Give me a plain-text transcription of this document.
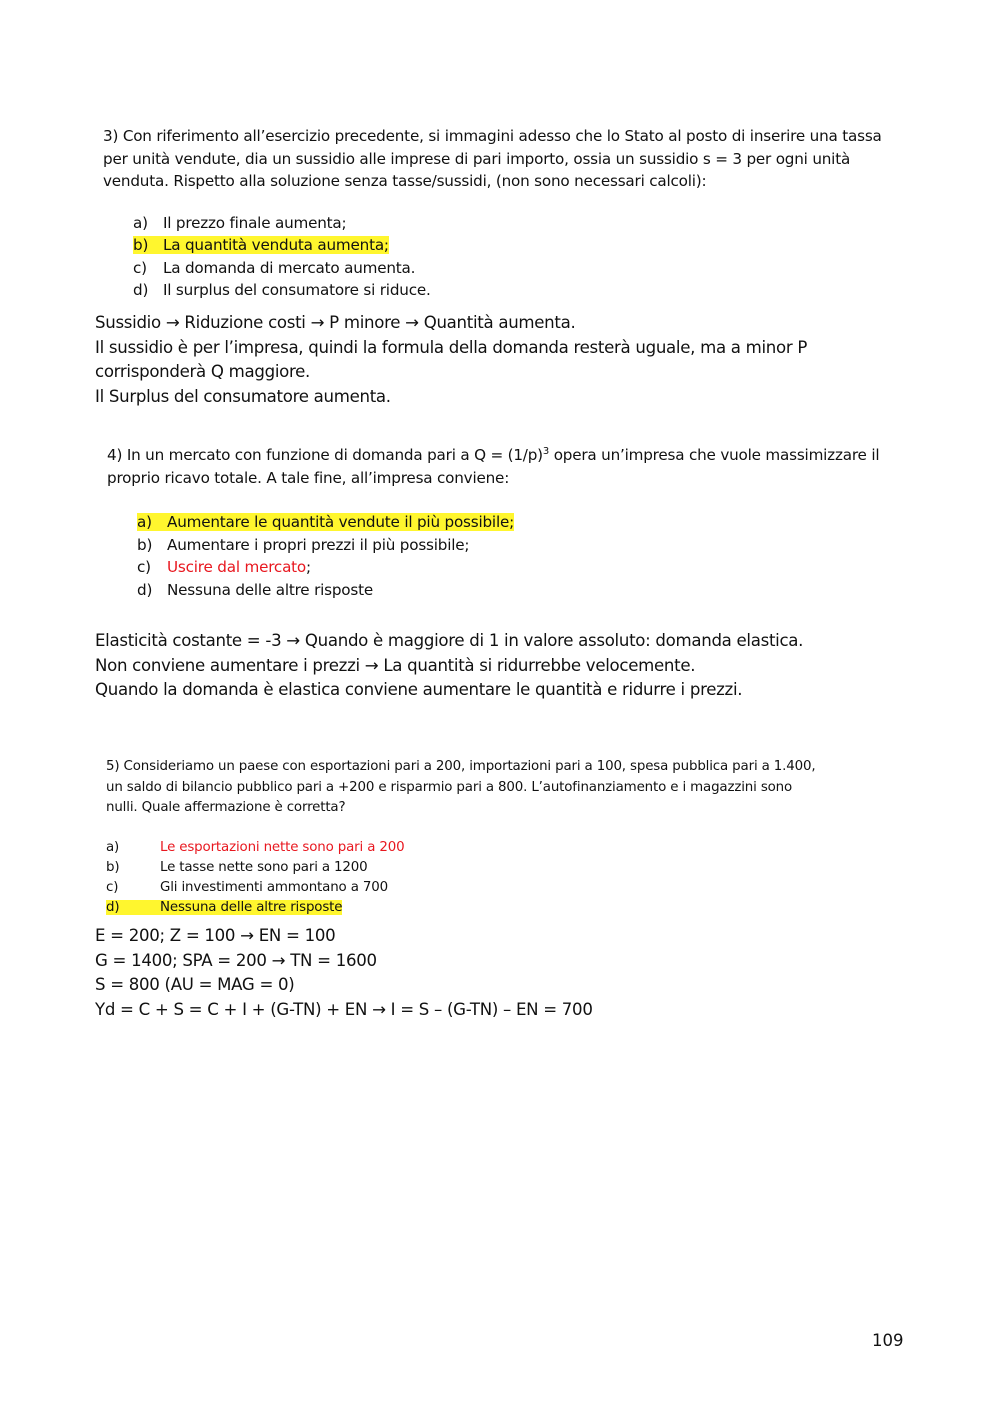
3) Con riferimento all’esercizio precedente, si immagini adesso che lo Stato al posto di inserire una tassa
per unità vendute, dia un sussidio alle imprese di pari importo, ossia un sussidio s = 3 per ogni unità
venduta. Rispetto alla soluzione senza tasse/sussidi, (non sono necessari calcoli):

a) Il prezzo finale aumenta;
b) La quantità venduta aumenta;
c) La domanda di mercato aumenta.
d) Il surplus del consumatore si riduce.

Sussidio → Riduzione costi → P minore → Quantità aumenta.

Il sussidio è per l’impresa, quindi la formula della domanda resterà uguale, ma a minor P

corrisponderà Q maggiore.

Il Surplus del consumatore aumenta.

4) In un mercato con funzione di domanda pari a $Q = (1/p)^3$ opera un’impresa che vuole massimizzare il
proprio ricavo totale. A tale fine, all’impresa conviene:

a) Aumentare le quantità vendute il più possibile;
b) Aumentare i propri prezzi il più possibile;
c) Uscire dal mercato;
d) Nessuna delle altre risposte

Elasticità costante = -3 → Quando è maggiore di 1 in valore assoluto: domanda elastica.

Non conviene aumentare i prezzi → La quantità si ridurrebbe velocemente.

Quando la domanda è elastica conviene aumentare le quantità e ridurre i prezzi.

5) Consideriamo un paese con esportazioni pari a 200, importazioni pari a 100, spesa pubblica pari a 1.400,
un saldo di bilancio pubblico pari a +200 e risparmio pari a 800. L’autofinanziamento e i magazzini sono
nulli. Quale affermazione è corretta?

a)	Le esportazioni nette sono pari a 200
b)	Le tasse nette sono pari a 1200
c)	Gli investimenti ammontano a 700
d)	Nessuna delle altre risposte

E = 200; Z = 100 → EN = 100

G = 1400; SPA = 200 → TN = 1600

S = 800 (AU = MAG = 0)

Yd = C + S = C + I + (G-TN) + EN → I = S – (G-TN) – EN = 700

109
